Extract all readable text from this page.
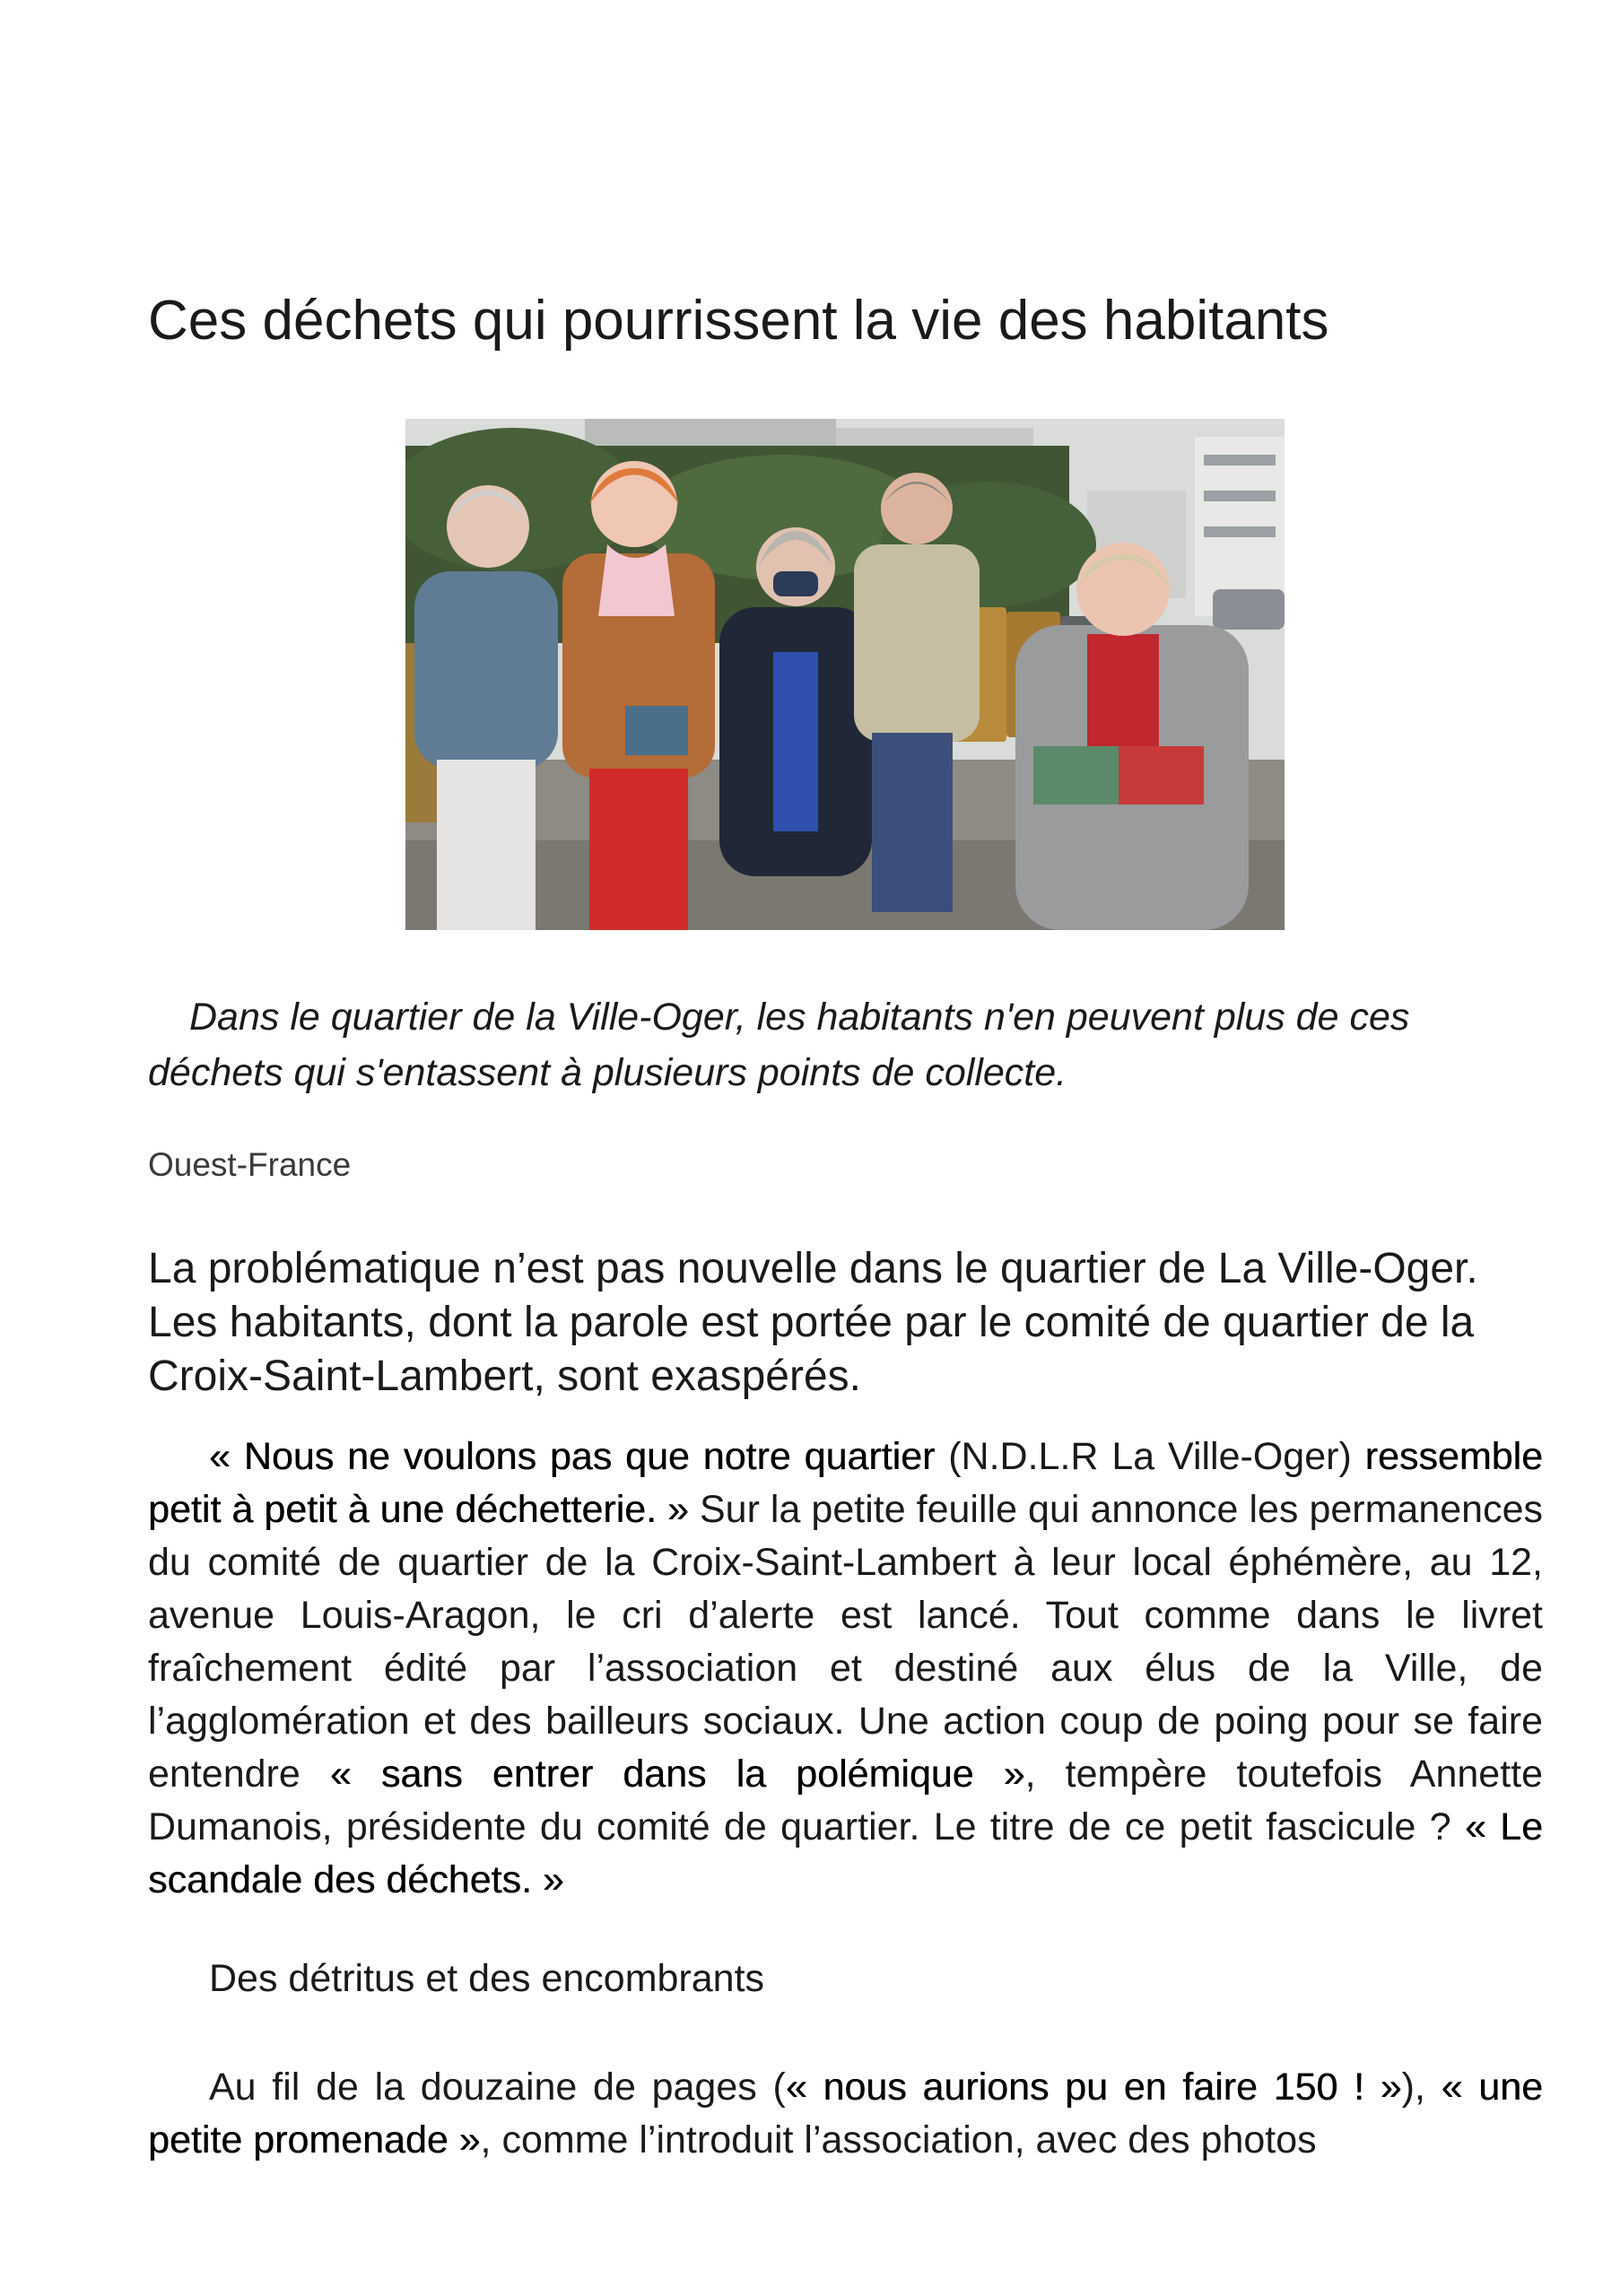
Ces déchets qui pourrissent la vie des habitants

Dans le quartier de la Ville-Oger, les habitants n'en peuvent plus de ces déchets qui s'entassent à plusieurs points de collecte.

Ouest-France

La problématique n’est pas nouvelle dans le quartier de La Ville-Oger. Les habitants, dont la parole est portée par le comité de quartier de la Croix-Saint-Lambert, sont exaspérés.

« Nous ne voulons pas que notre quartier (N.D.L.R La Ville-Oger) ressemble petit à petit à une déchetterie. » Sur la petite feuille qui annonce les permanences du comité de quartier de la Croix-Saint-Lambert à leur local éphémère, au 12, avenue Louis-Aragon, le cri d’alerte est lancé. Tout comme dans le livret fraîchement édité par l’association et destiné aux élus de la Ville, de l’agglomération et des bailleurs sociaux. Une action coup de poing pour se faire entendre « sans entrer dans la polémique », tempère toutefois Annette Dumanois, présidente du comité de quartier. Le titre de ce petit fascicule ? « Le scandale des déchets. »

Des détritus et des encombrants

Au fil de la douzaine de pages (« nous aurions pu en faire 150 ! »), « une petite promenade », comme l’introduit l’association, avec des photos
